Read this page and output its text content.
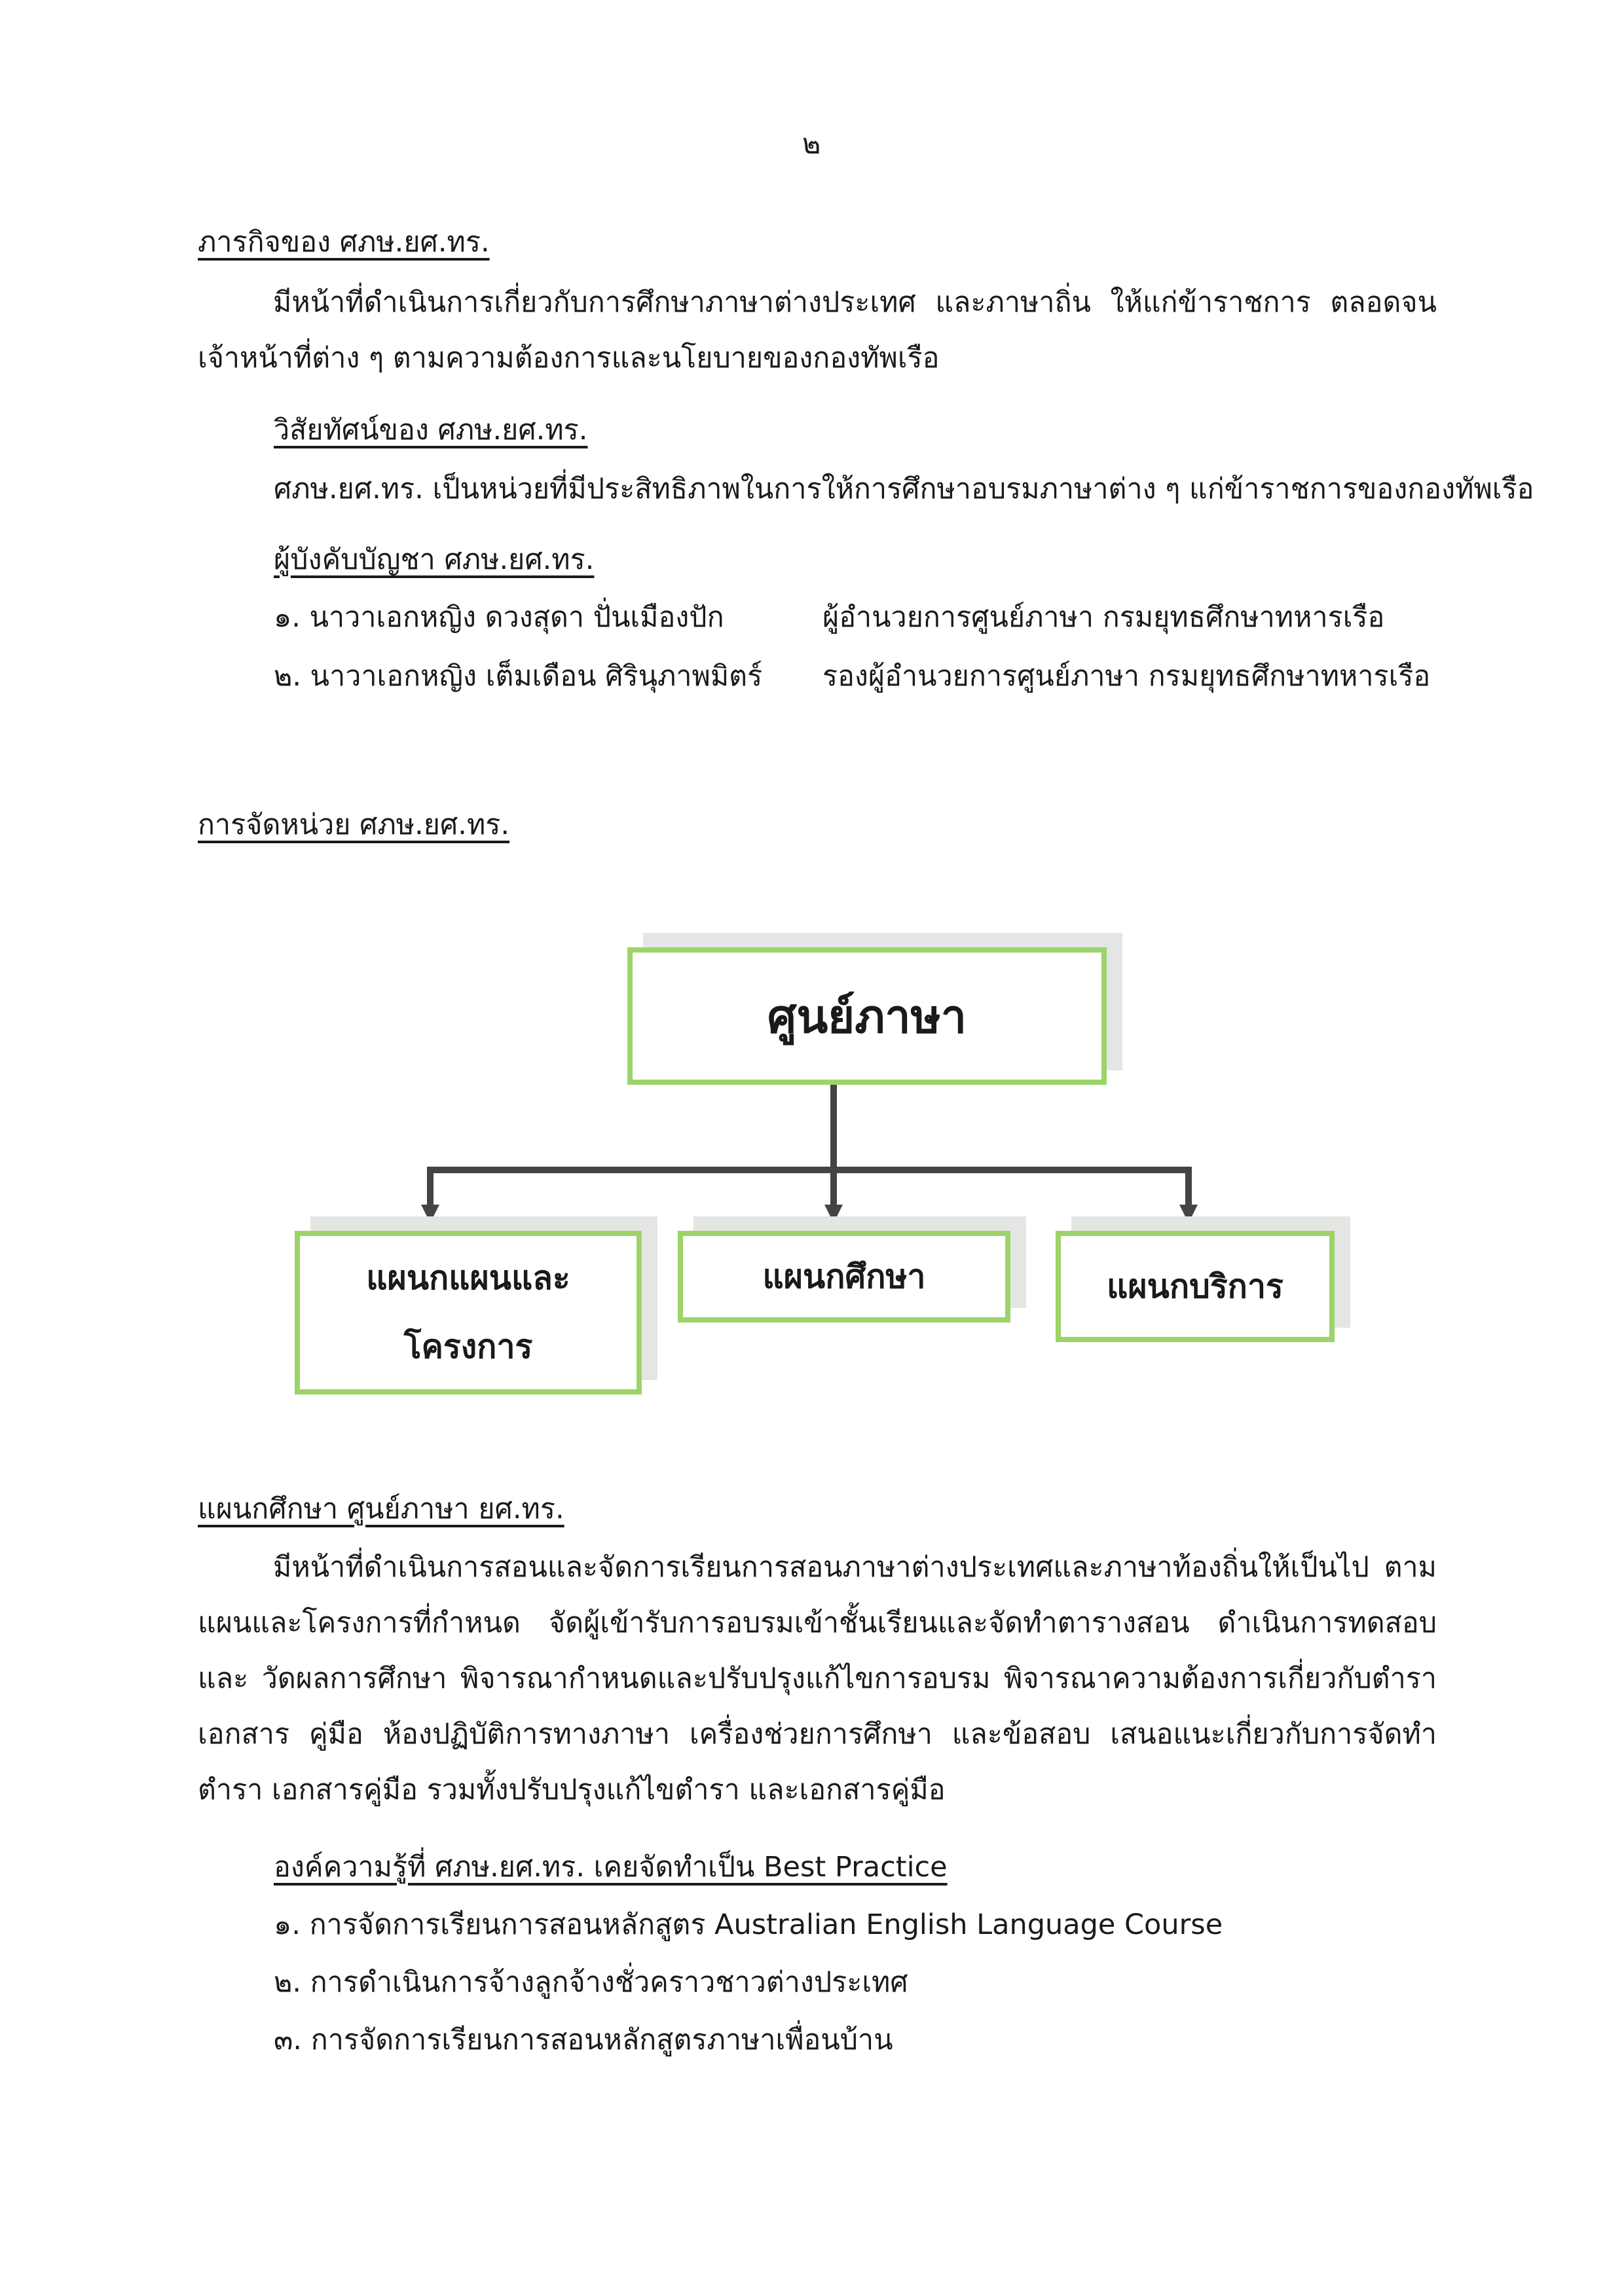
๒
ภารกิจของ ศภษ.ยศ.ทร.
มีหน้าที่ดำเนินการเกี่ยวกับการศึกษาภาษาต่างประเทศ และภาษาถิ่น ให้แก่ข้าราชการ ตลอดจน เจ้าหน้าที่ต่าง ๆ ตามความต้องการและนโยบายของกองทัพเรือ
วิสัยทัศน์ของ ศภษ.ยศ.ทร.
ศภษ.ยศ.ทร. เป็นหน่วยที่มีประสิทธิภาพในการให้การศึกษาอบรมภาษาต่าง ๆ แก่ข้าราชการของกองทัพเรือ
ผู้บังคับบัญชา ศภษ.ยศ.ทร.
๑. นาวาเอกหญิง ดวงสุดา ปั่นเมืองปัก	ผู้อำนวยการศูนย์ภาษา กรมยุทธศึกษาทหารเรือ
๒. นาวาเอกหญิง เต็มเดือน ศิรินุภาพมิตร์ รองผู้อำนวยการศูนย์ภาษา กรมยุทธศึกษาทหารเรือ
การจัดหน่วย ศภษ.ยศ.ทร.
ศูนย์ภาษา
แผนกแผนและ
โครงการ
แผนกศึกษา	แผนกบริการ
แผนกศึกษา ศูนย์ภาษา ยศ.ทร.
มีหน้าที่ดำเนินการสอนและจัดการเรียนการสอนภาษาต่างประเทศและภาษาท้องถิ่นให้เป็นไป ตามแผนและโครงการที่กำหนด จัดผู้เข้ารับการอบรมเข้าชั้นเรียนและจัดทำตารางสอน ดำเนินการทดสอบและ วัดผลการศึกษา พิจารณากำหนดและปรับปรุงแก้ไขการอบรม พิจารณาความต้องการเกี่ยวกับตำรา เอกสาร คู่มือ ห้องปฏิบัติการทางภาษา เครื่องช่วยการศึกษา และข้อสอบ เสนอแนะเกี่ยวกับการจัดทำตำรา เอกสารคู่มือ รวมทั้งปรับปรุงแก้ไขตำรา และเอกสารคู่มือ
องค์ความรู้ที่ ศภษ.ยศ.ทร. เคยจัดทำเป็น Best Practice
๑. การจัดการเรียนการสอนหลักสูตร Australian English Language Course
๒. การดำเนินการจ้างลูกจ้างชั่วคราวชาวต่างประเทศ
๓. การจัดการเรียนการสอนหลักสูตรภาษาเพื่อนบ้าน
